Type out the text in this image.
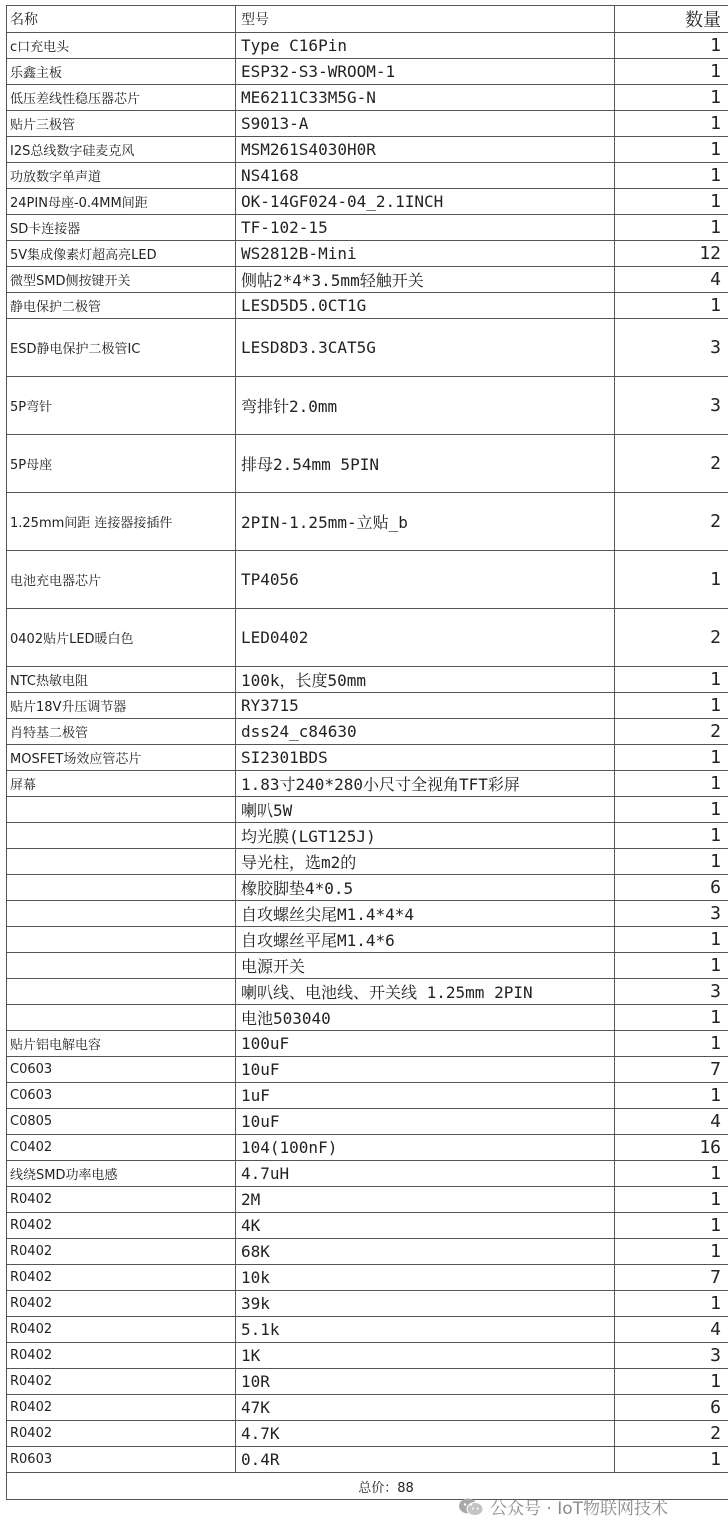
名称	型号	数量
c口充电头	Type C16Pin	1
乐鑫主板	ESP32-S3-WROOM-1	1
低压差线性稳压器芯片	ME6211C33M5G-N	1
贴片三极管	S9013-A	1
I2S总线数字硅麦克风	MSM261S4030H0R	1
功放数字单声道	NS4168	1
24PIN母座-0.4MM间距	OK-14GF024-04_2.1INCH	1
SD卡连接器	TF-102-15	1
5V集成像素灯超高亮LED	WS2812B-Mini	12
微型SMD侧按键开关	侧帖2*4*3.5mm轻触开关	4
静电保护二极管	LESD5D5.0CT1G	1
ESD静电保护二极管IC	LESD8D3.3CAT5G	3
5P弯针	弯排针2.0mm	3
5P母座	排母2.54mm 5PIN	2
1.25mm间距 连接器接插件	2PIN-1.25mm-立贴_b	2
电池充电器芯片	TP4056	1
0402贴片LED暖白色	LED0402	2
NTC热敏电阻	100k，长度50mm	1
贴片18V升压调节器	RY3715	1
肖特基二极管	dss24_c84630	2
MOSFET场效应管芯片	SI2301BDS	1
屏幕	1.83寸240*280小尺寸全视角TFT彩屏	1
	喇叭5W	1
	均光膜(LGT125J)	1
	导光柱，选m2的	1
	橡胶脚垫4*0.5	6
	自攻螺丝尖尾M1.4*4*4	3
	自攻螺丝平尾M1.4*6	1
	电源开关	1
	喇叭线、电池线、开关线 1.25mm 2PIN	3
	电池503040	1
贴片铝电解电容	100uF	1
C0603	10uF	7
C0603	1uF	1
C0805	10uF	4
C0402	104(100nF)	16
线绕SMD功率电感	4.7uH	1
R0402	2M	1
R0402	4K	1
R0402	68K	1
R0402	10k	7
R0402	39k	1
R0402	5.1k	4
R0402	1K	3
R0402	10R	1
R0402	47K	6
R0402	4.7K	2
R0603	0.4R	1
总价：88		
公众号 · IoT物联网技术
